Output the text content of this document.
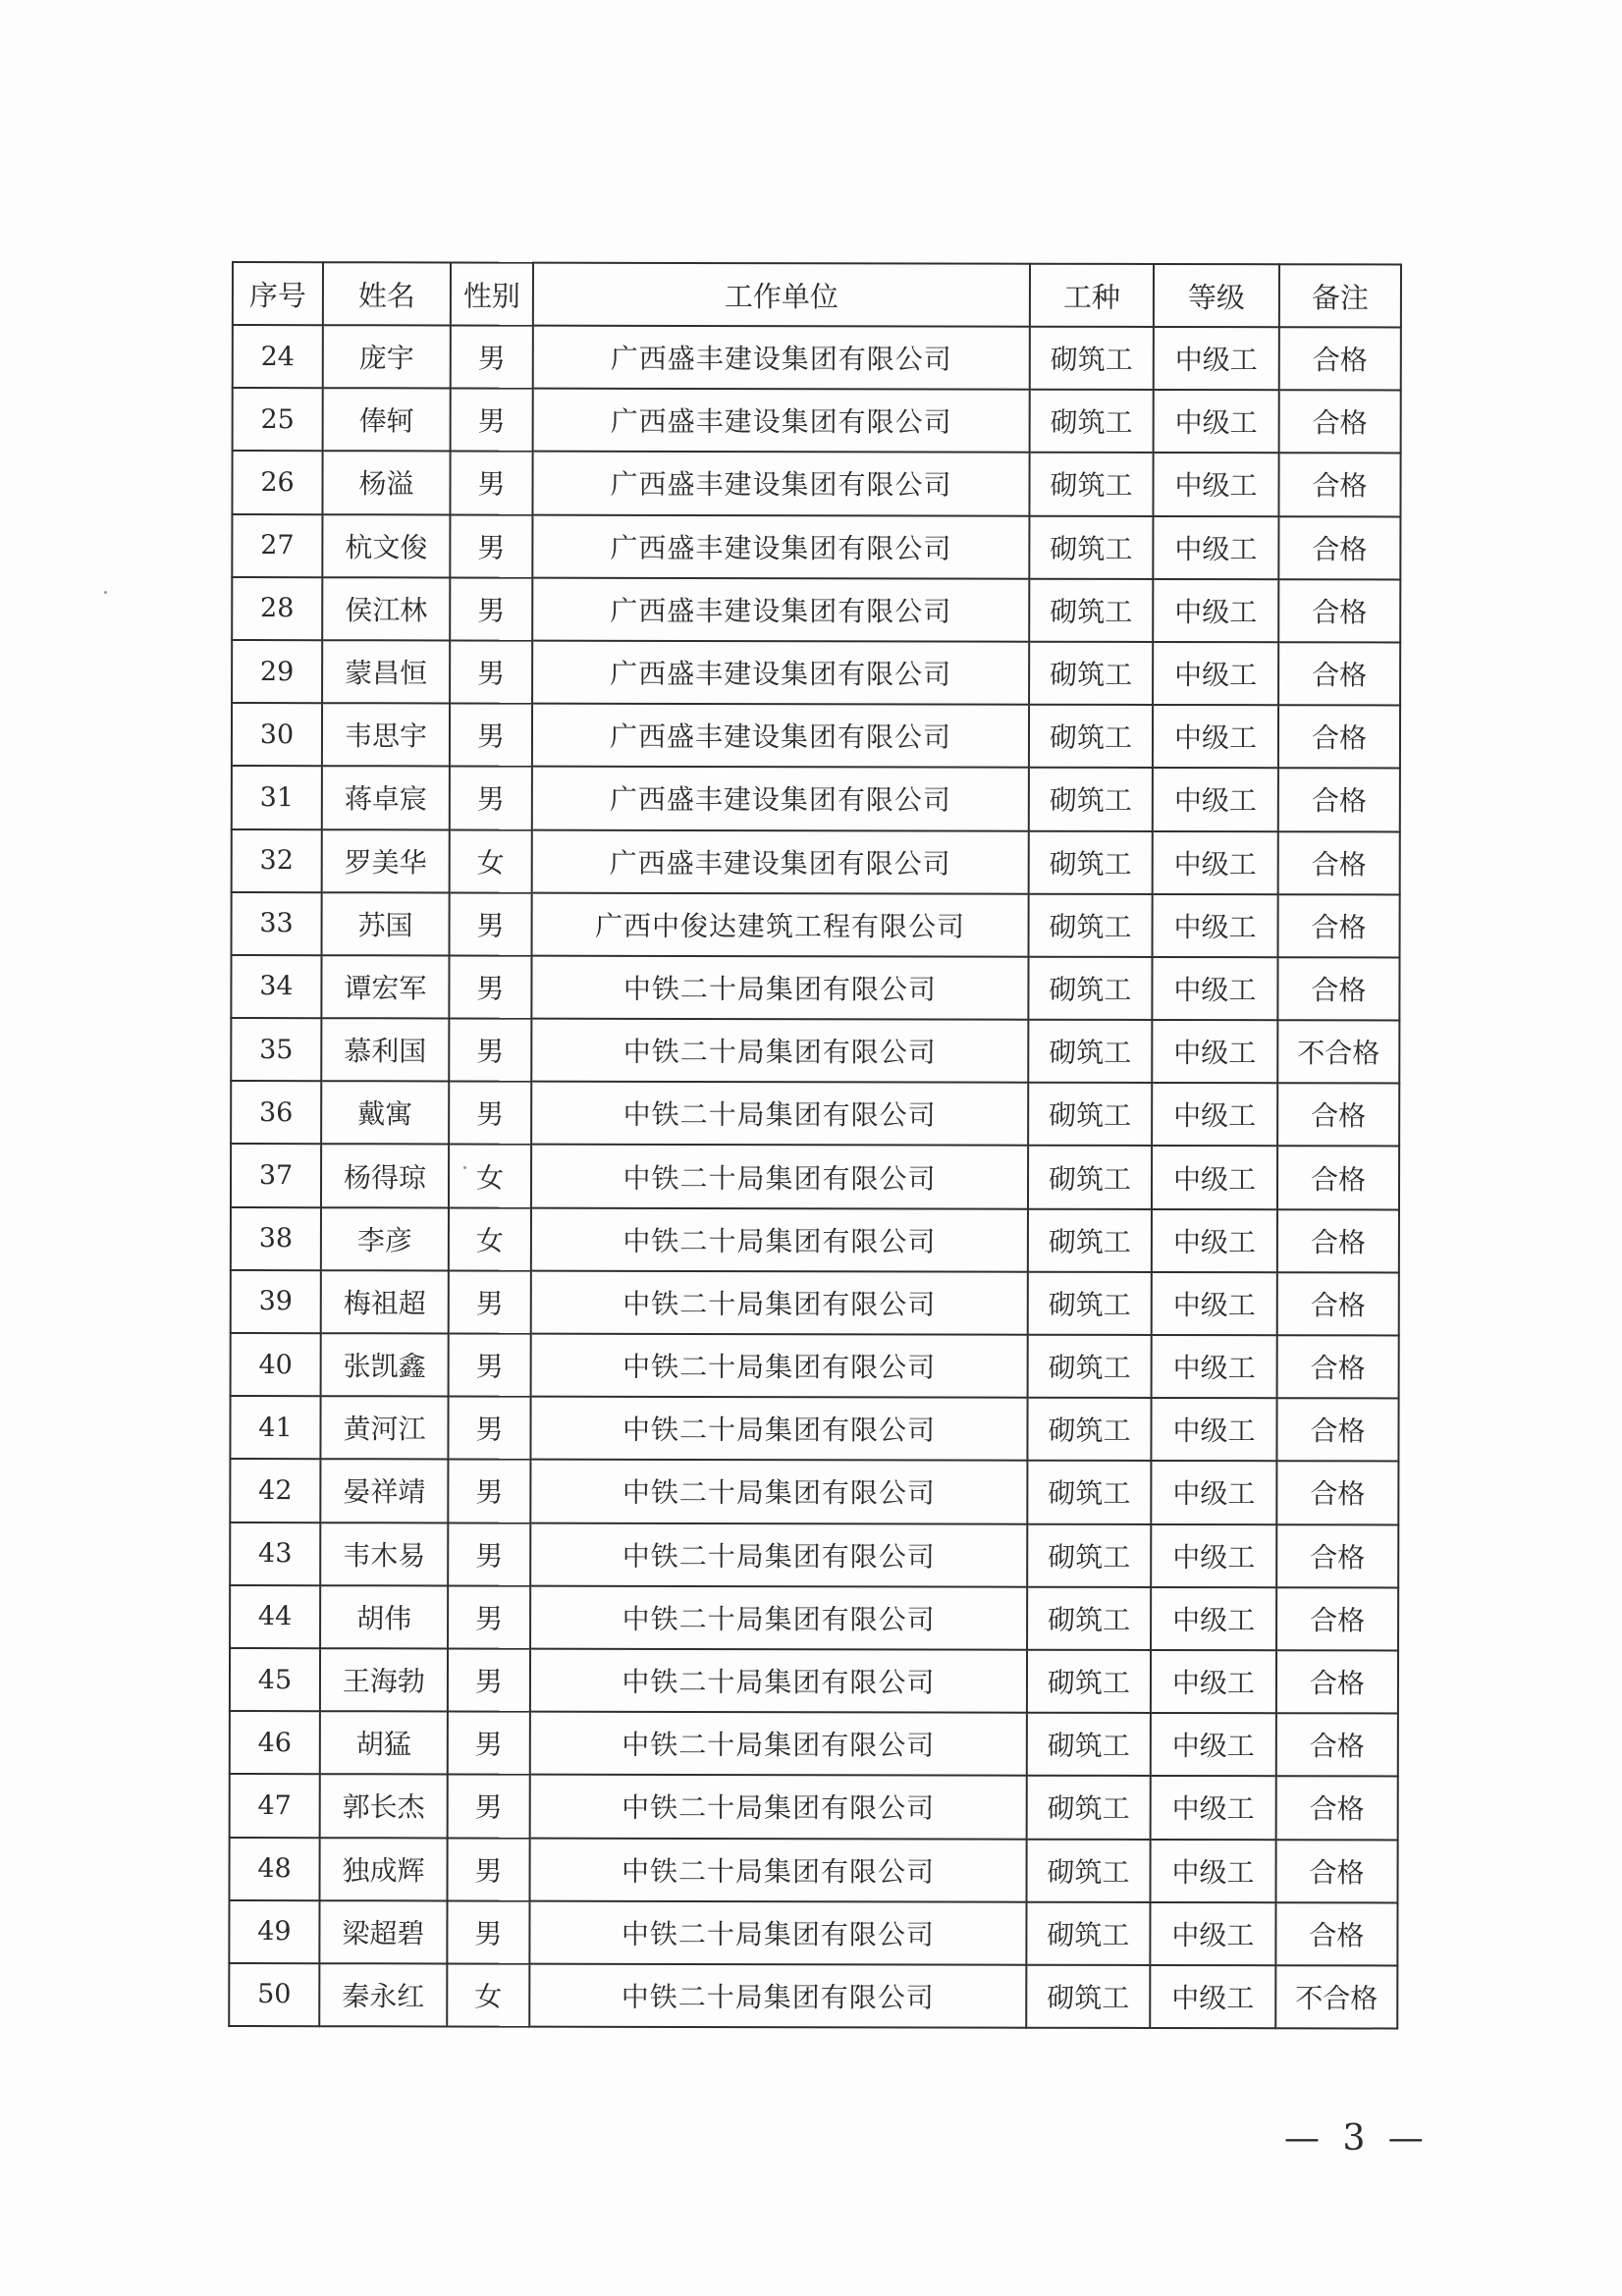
序号	姓名	性别	工作单位	工种	等级	备注
24	庞宇	男	广西盛丰建设集团有限公司	砌筑工	中级工	合格
25	俸轲	男	广西盛丰建设集团有限公司	砌筑工	中级工	合格
26	杨溢	男	广西盛丰建设集团有限公司	砌筑工	中级工	合格
27	杭文俊	男	广西盛丰建设集团有限公司	砌筑工	中级工	合格
28	侯江林	男	广西盛丰建设集团有限公司	砌筑工	中级工	合格
29	蒙昌恒	男	广西盛丰建设集团有限公司	砌筑工	中级工	合格
30	韦思宇	男	广西盛丰建设集团有限公司	砌筑工	中级工	合格
31	蒋卓宸	男	广西盛丰建设集团有限公司	砌筑工	中级工	合格
32	罗美华	女	广西盛丰建设集团有限公司	砌筑工	中级工	合格
33	苏国	男	广西中俊达建筑工程有限公司	砌筑工	中级工	合格
34	谭宏军	男	中铁二十局集团有限公司	砌筑工	中级工	合格
35	慕利国	男	中铁二十局集团有限公司	砌筑工	中级工	不合格
36	戴寓	男	中铁二十局集团有限公司	砌筑工	中级工	合格
37	杨得琼	女	中铁二十局集团有限公司	砌筑工	中级工	合格
38	李彦	女	中铁二十局集团有限公司	砌筑工	中级工	合格
39	梅祖超	男	中铁二十局集团有限公司	砌筑工	中级工	合格
40	张凯鑫	男	中铁二十局集团有限公司	砌筑工	中级工	合格
41	黄河江	男	中铁二十局集团有限公司	砌筑工	中级工	合格
42	晏祥靖	男	中铁二十局集团有限公司	砌筑工	中级工	合格
43	韦木易	男	中铁二十局集团有限公司	砌筑工	中级工	合格
44	胡伟	男	中铁二十局集团有限公司	砌筑工	中级工	合格
45	王海勃	男	中铁二十局集团有限公司	砌筑工	中级工	合格
46	胡猛	男	中铁二十局集团有限公司	砌筑工	中级工	合格
47	郭长杰	男	中铁二十局集团有限公司	砌筑工	中级工	合格
48	独成辉	男	中铁二十局集团有限公司	砌筑工	中级工	合格
49	梁超碧	男	中铁二十局集团有限公司	砌筑工	中级工	合格
50	秦永红	女	中铁二十局集团有限公司	砌筑工	中级工	不合格
— 3 —
